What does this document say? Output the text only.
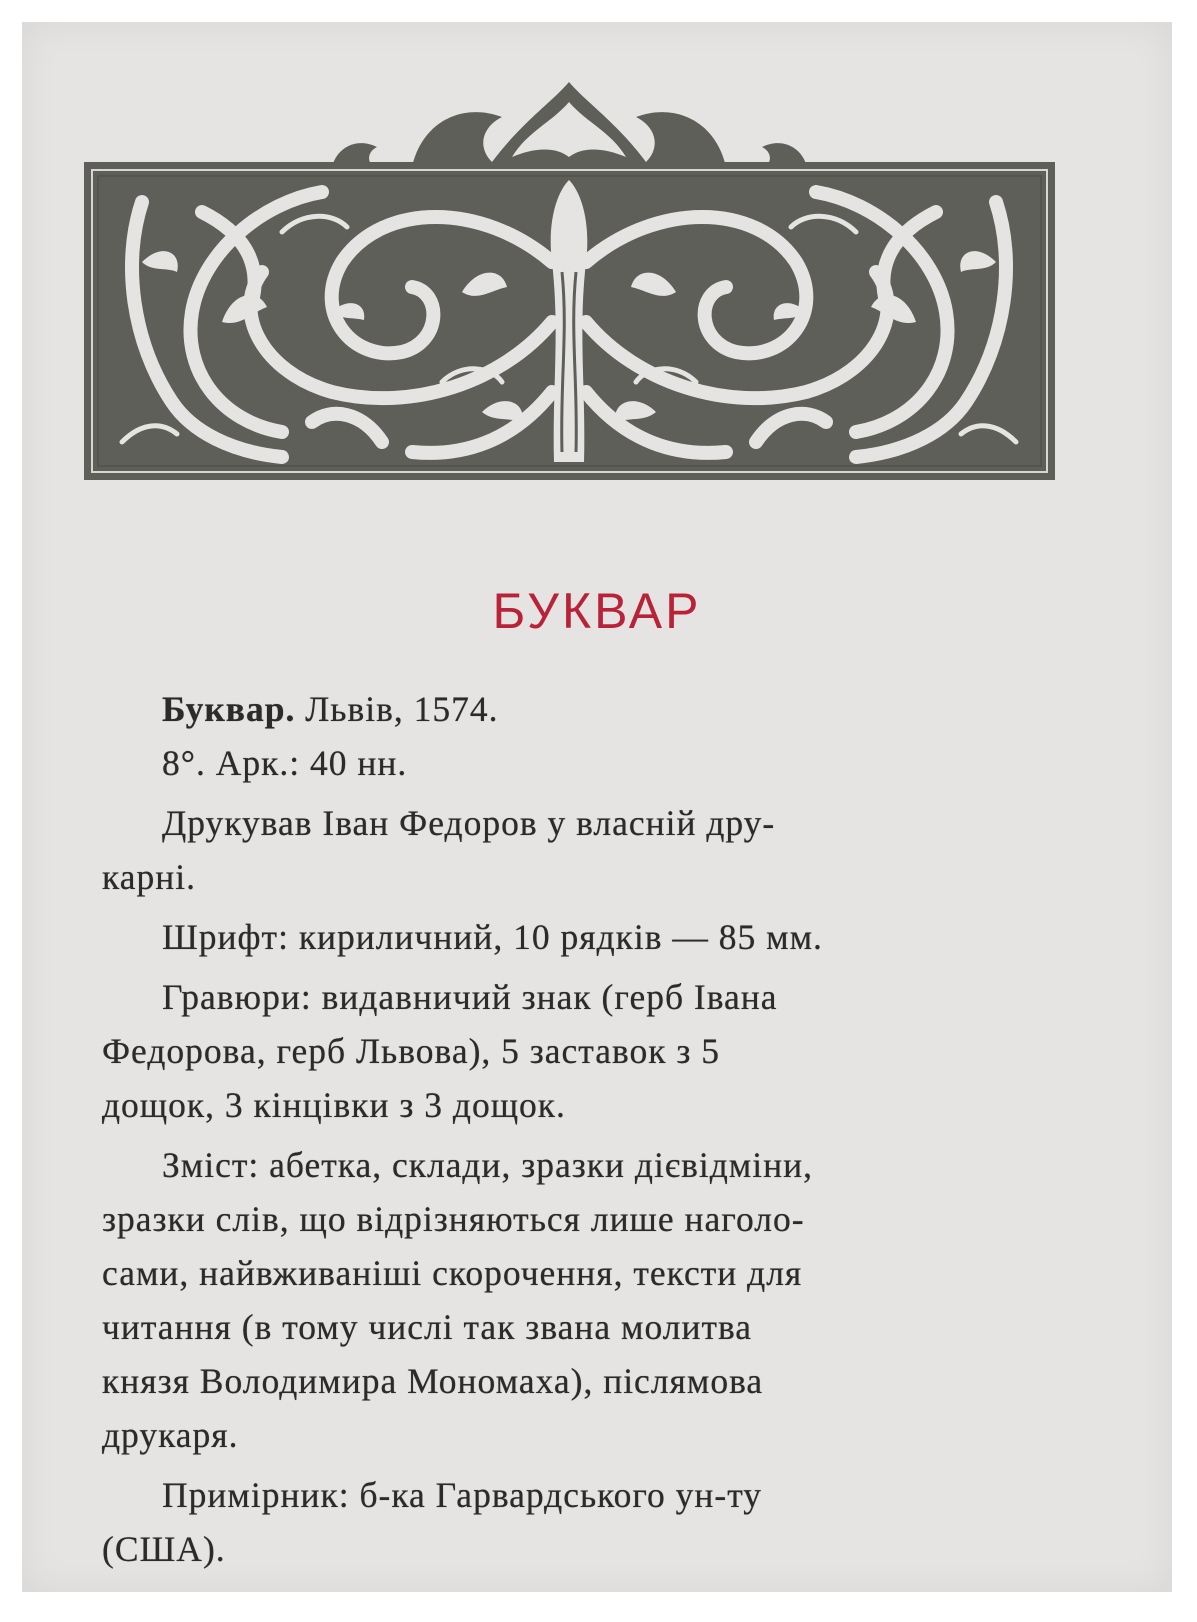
БУКВАР

Буквар. Львів, 1574.

8°. Арк.: 40 нн.

Друкував Іван Федоров у власній дру-

карні.

Шрифт: кириличний, 10 рядків — 85 мм.

Гравюри: видавничий знак (герб Івана

Федорова, герб Львова), 5 заставок з 5

дощок, 3 кінцівки з 3 дощок.

Зміст: абетка, склади, зразки дієвідміни,

зразки слів, що відрізняються лише наголо-

сами, найвживаніші скорочення, тексти для

читання (в тому числі так звана молитва

князя Володимира Мономаха), післямова

друкаря.

Примірник: б-ка Гарвардського ун-ту

(США).
